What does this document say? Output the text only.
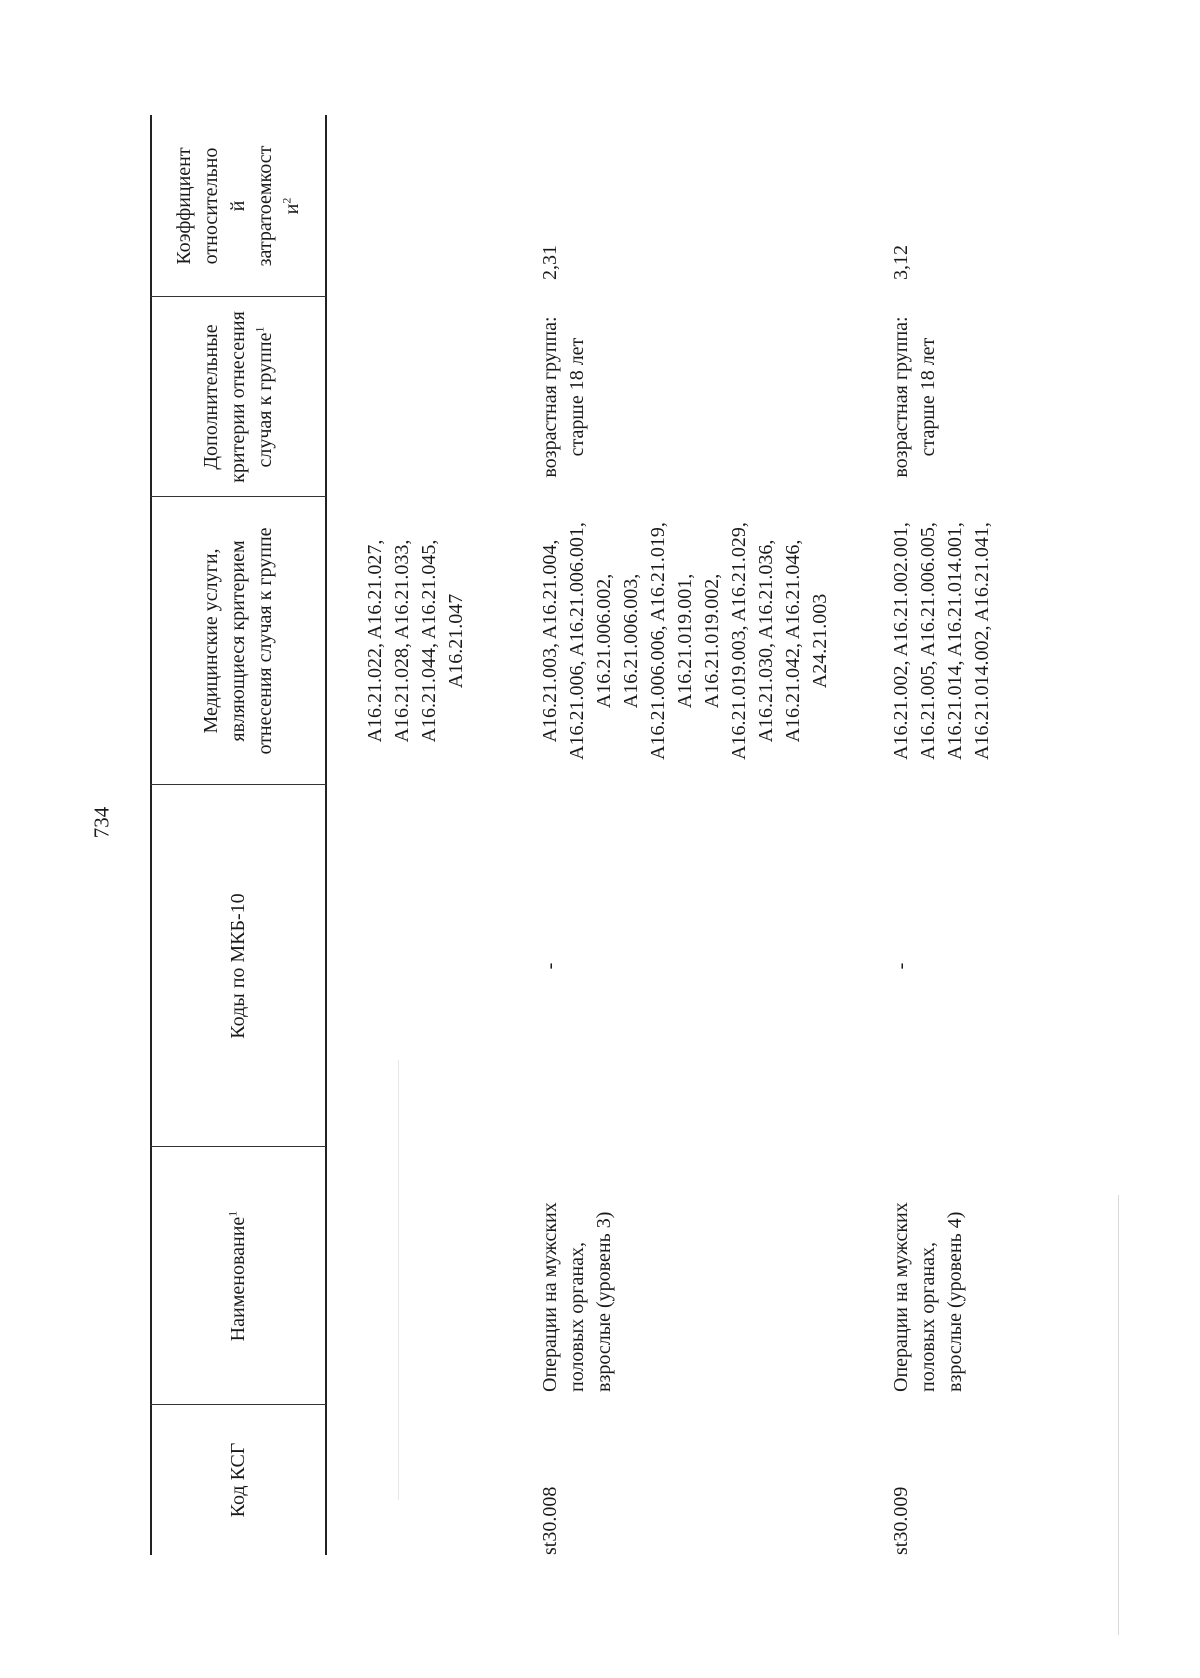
734
Код КСГ
Наименование$^1$
Коды по МКБ-10
Медицинские услуги,
являющиеся критерием
отнесения случая к группе
Дополнительные
критерии отнесения
случая к группе$^1$
Коэффициент
относительно
й
затратоемкост
$и^2$
A16.21.022, A16.21.027,
A16.21.028, A16.21.033,
A16.21.044, A16.21.045,
A16.21.047
st30.008
Операции на мужских
половых органах,
взрослые (уровень 3)
-
A16.21.003, A16.21.004,
A16.21.006, A16.21.006.001,
A16.21.006.002,
A16.21.006.003,
A16.21.006.006, A16.21.019,
A16.21.019.001,
A16.21.019.002,
A16.21.019.003, A16.21.029,
A16.21.030, A16.21.036,
A16.21.042, A16.21.046,
A24.21.003
возрастная группа:
старше 18 лет
2,31
st30.009
Операции на мужских
половых органах,
взрослые (уровень 4)
-
A16.21.002, A16.21.002.001,
A16.21.005, A16.21.006.005,
A16.21.014, A16.21.014.001,
A16.21.014.002, A16.21.041,
возрастная группа:
старше 18 лет
3,12
